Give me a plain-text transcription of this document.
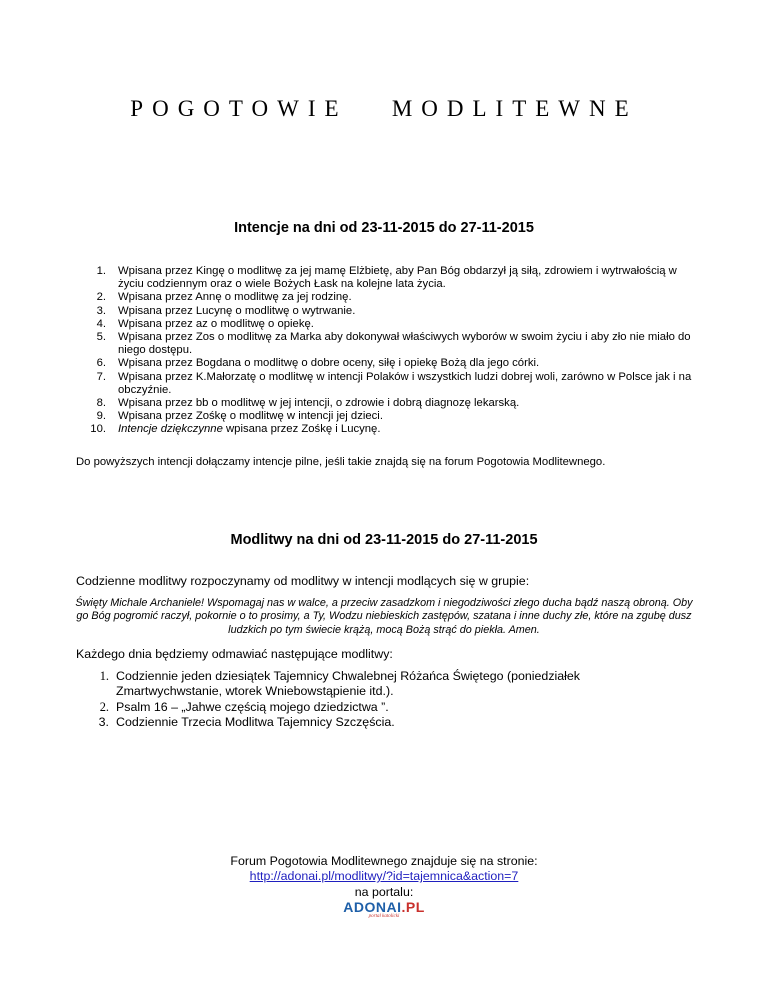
POGOTOWIE   MODLITEWNE
Intencje na dni od 23-11-2015 do 27-11-2015
1. Wpisana przez Kingę o modlitwę za jej mamę Elżbietę, aby Pan Bóg obdarzył ją siłą, zdrowiem i wytrwałością w życiu codziennym oraz o wiele Bożych Łask na kolejne lata życia.
2. Wpisana przez Annę o modlitwę za jej rodzinę.
3. Wpisana przez Lucynę o modlitwę o wytrwanie.
4. Wpisana przez az o modlitwę o opiekę.
5. Wpisana przez Zos o modlitwę za Marka aby dokonywał właściwych wyborów w swoim życiu i aby zło nie miało do niego dostępu.
6. Wpisana przez Bogdana o modlitwę o dobre oceny, siłę i opiekę Bożą dla jego córki.
7. Wpisana przez K.Małorzatę o modlitwę w intencji Polaków i wszystkich ludzi dobrej woli, zarówno w Polsce jak i na obczyźnie.
8. Wpisana przez bb o modlitwę w jej intencji, o zdrowie i dobrą diagnozę lekarską.
9. Wpisana przez Zośkę o modlitwę w intencji jej dzieci.
10. Intencje dziękczynne wpisana przez Zośkę i Lucynę.
Do powyższych intencji dołączamy intencje pilne, jeśli takie znajdą się na forum Pogotowia Modlitewnego.
Modlitwy na dni od 23-11-2015 do 27-11-2015
Codzienne modlitwy rozpoczynamy od modlitwy w intencji modlących się w grupie:
Święty Michale Archaniele! Wspomagaj nas w walce, a przeciw zasadzkom i niegodziwości złego ducha bądź naszą obroną. Oby go Bóg pogromić raczył, pokornie o to prosimy, a Ty, Wodzu niebieskich zastępów, szatana i inne duchy złe, które na zgubę dusz ludzkich po tym świecie krążą, mocą Bożą strąć do piekła. Amen.
Każdego dnia będziemy odmawiać następujące modlitwy:
1. Codziennie jeden dziesiątek Tajemnicy Chwalebnej Różańca Świętego (poniedziałek Zmartwychwstanie, wtorek Wniebowstąpienie itd.).
2. Psalm 16 – „Jahwe częścią mojego dziedzictwa ”.
3. Codziennie Trzecia Modlitwa Tajemnicy Szczęścia.
Forum Pogotowia Modlitewnego znajduje się na stronie:
http://adonai.pl/modlitwy/?id=tajemnica&action=7
na portalu:
ADONAI.PL
portal katolicki
